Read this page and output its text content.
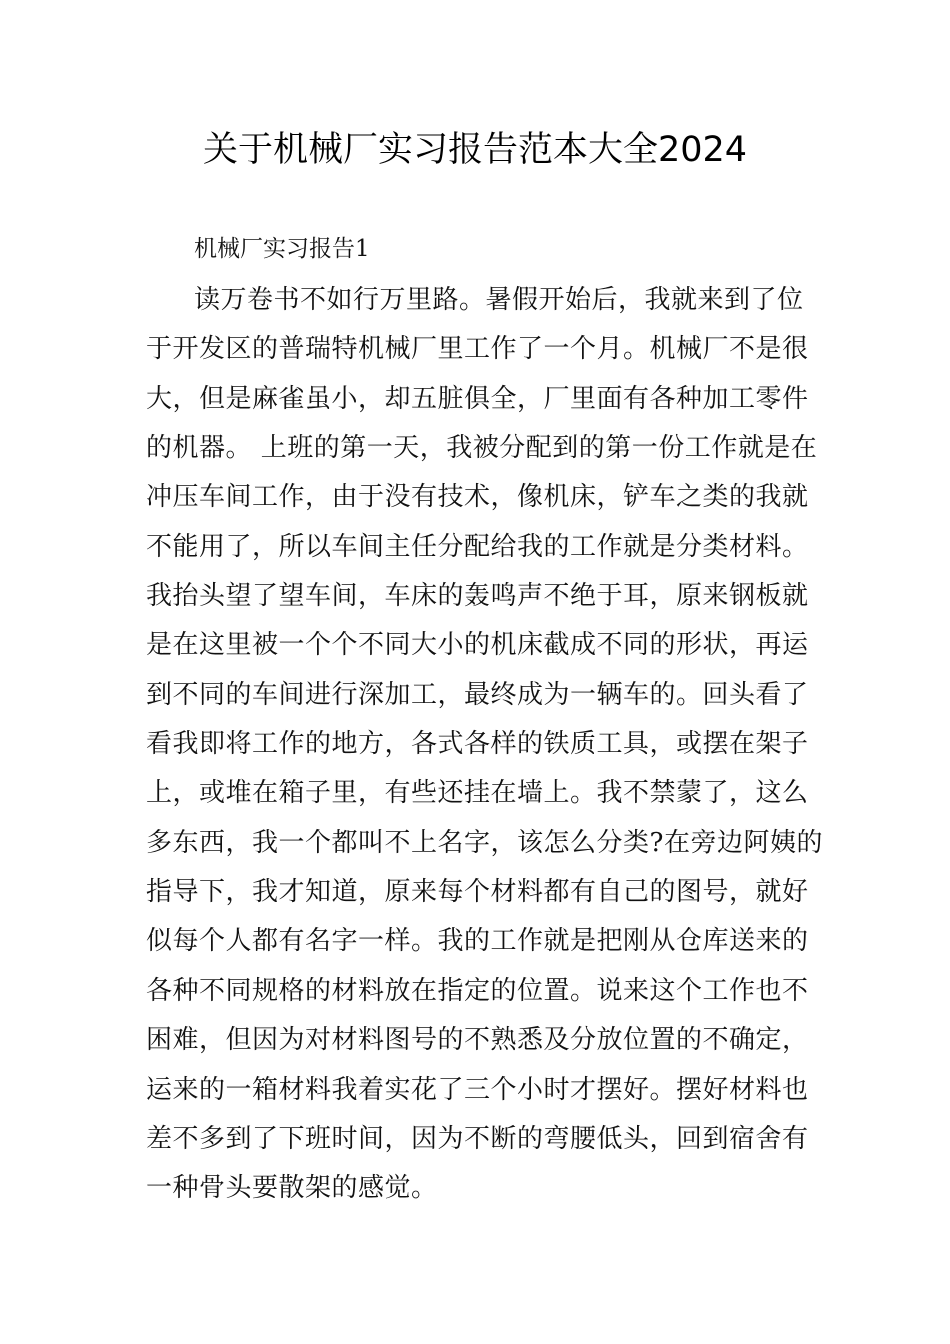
关于机械厂实习报告范本大全2024
机械厂实习报告1
读万卷书不如行万里路。暑假开始后，我就来到了位
于开发区的普瑞特机械厂里工作了一个月。机械厂不是很
大，但是麻雀虽小，却五脏俱全，厂里面有各种加工零件
的机器。 上班的第一天，我被分配到的第一份工作就是在
冲压车间工作，由于没有技术，像机床，铲车之类的我就
不能用了，所以车间主任分配给我的工作就是分类材料。
我抬头望了望车间，车床的轰鸣声不绝于耳，原来钢板就
是在这里被一个个不同大小的机床截成不同的形状，再运
到不同的车间进行深加工，最终成为一辆车的。回头看了
看我即将工作的地方，各式各样的铁质工具，或摆在架子
上，或堆在箱子里，有些还挂在墙上。我不禁蒙了，这么
多东西，我一个都叫不上名字，该怎么分类?在旁边阿姨的
指导下，我才知道，原来每个材料都有自己的图号，就好
似每个人都有名字一样。我的工作就是把刚从仓库送来的
各种不同规格的材料放在指定的位置。说来这个工作也不
困难，但因为对材料图号的不熟悉及分放位置的不确定，
运来的一箱材料我着实花了三个小时才摆好。摆好材料也
差不多到了下班时间，因为不断的弯腰低头，回到宿舍有
一种骨头要散架的感觉。
